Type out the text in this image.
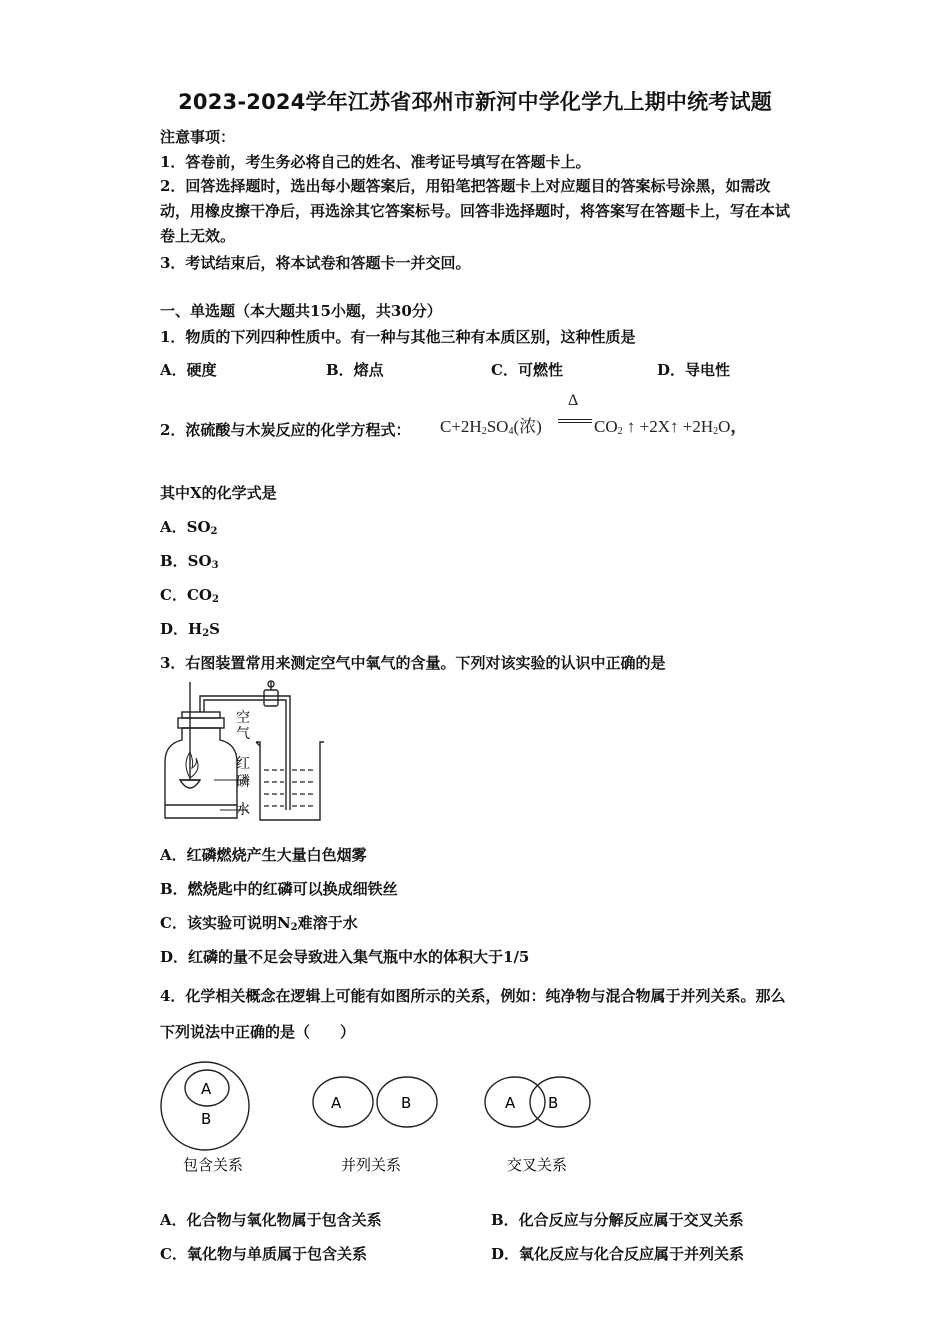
2023-2024学年江苏省邳州市新河中学化学九上期中统考试题
注意事项：
1．答卷前，考生务必将自己的姓名、准考证号填写在答题卡上。
2．回答选择题时，选出每小题答案后，用铅笔把答题卡上对应题目的答案标号涂黑，如需改动，用橡皮擦干净后，再选涂其它答案标号。回答非选择题时，将答案写在答题卡上，写在本试卷上无效。
3．考试结束后，将本试卷和答题卡一并交回。
一、单选题（本大题共15小题，共30分）
1．物质的下列四种性质中。有一种与其他三种有本质区别，这种性质是
A．硬度	B．熔点	C．可燃性	D．导电性
2．浓硫酸与木炭反应的化学方程式： $C+2H_2SO_4$(浓)
Δ
$CO_2$ ↑ +2X↑ $+2H_2O$，
其中X的化学式是
A．$SO_2$
B．$SO_3$
C．$CO_2$
D．$H_2S$
3．右图装置常用来测定空气中氧气的含量。下列对该实验的认识中正确的是
空
气
红
磷
水
A．红磷燃烧产生大量白色烟雾
B．燃烧匙中的红磷可以换成细铁丝
C．该实验可说明$N_2$难溶于水
D．红磷的量不足会导致进入集气瓶中水的体积大于1/5
4．化学相关概念在逻辑上可能有如图所示的关系，例如：纯净物与混合物属于并列关系。那么下列说法中正确的是（　　）
A
B
A	B	A B
包含关系	并列关系	交叉关系
A．化合物与氧化物属于包含关系	B．化合反应与分解反应属于交叉关系
C．氧化物与单质属于包含关系	D．氧化反应与化合反应属于并列关系
